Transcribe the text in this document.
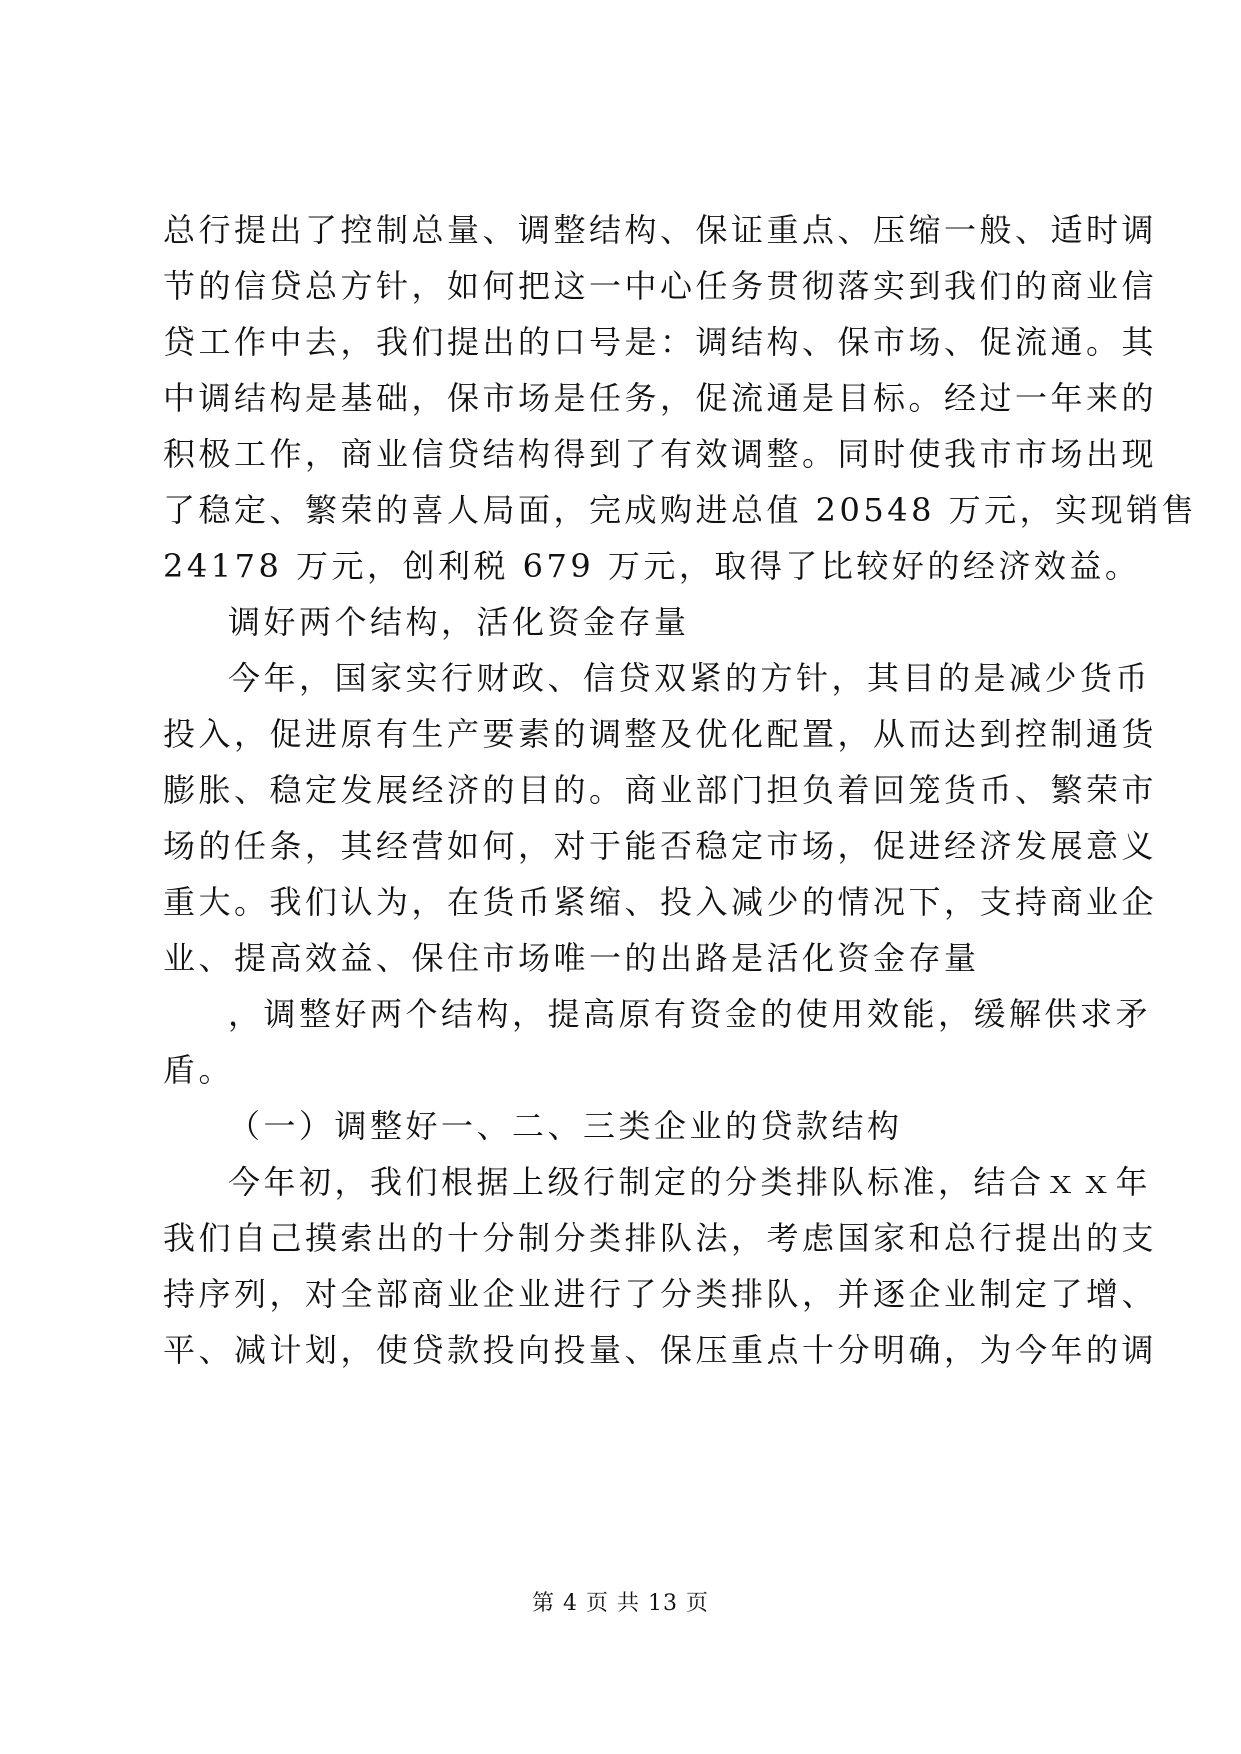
总行提出了控制总量、调整结构、保证重点、压缩一般、适时调
节的信贷总方针，如何把这一中心任务贯彻落实到我们的商业信
贷工作中去，我们提出的口号是：调结构、保市场、促流通。其
中调结构是基础，保市场是任务，促流通是目标。经过一年来的
积极工作，商业信贷结构得到了有效调整。同时使我市市场出现
了稳定、繁荣的喜人局面，完成购进总值 20548 万元，实现销售
24178 万元，创利税 679 万元，取得了比较好的经济效益。
调好两个结构，活化资金存量
今年，国家实行财政、信贷双紧的方针，其目的是减少货币
投入，促进原有生产要素的调整及优化配置，从而达到控制通货
膨胀、稳定发展经济的目的。商业部门担负着回笼货币、繁荣市
场的任条，其经营如何，对于能否稳定市场，促进经济发展意义
重大。我们认为，在货币紧缩、投入减少的情况下，支持商业企
业、提高效益、保住市场唯一的出路是活化资金存量
，调整好两个结构，提高原有资金的使用效能，缓解供求矛
盾。
（一）调整好一、二、三类企业的贷款结构
今年初，我们根据上级行制定的分类排队标准，结合ｘｘ年
我们自己摸索出的十分制分类排队法，考虑国家和总行提出的支
持序列，对全部商业企业进行了分类排队，并逐企业制定了增、
平、减计划，使贷款投向投量、保压重点十分明确，为今年的调
第 4 页 共 13 页
